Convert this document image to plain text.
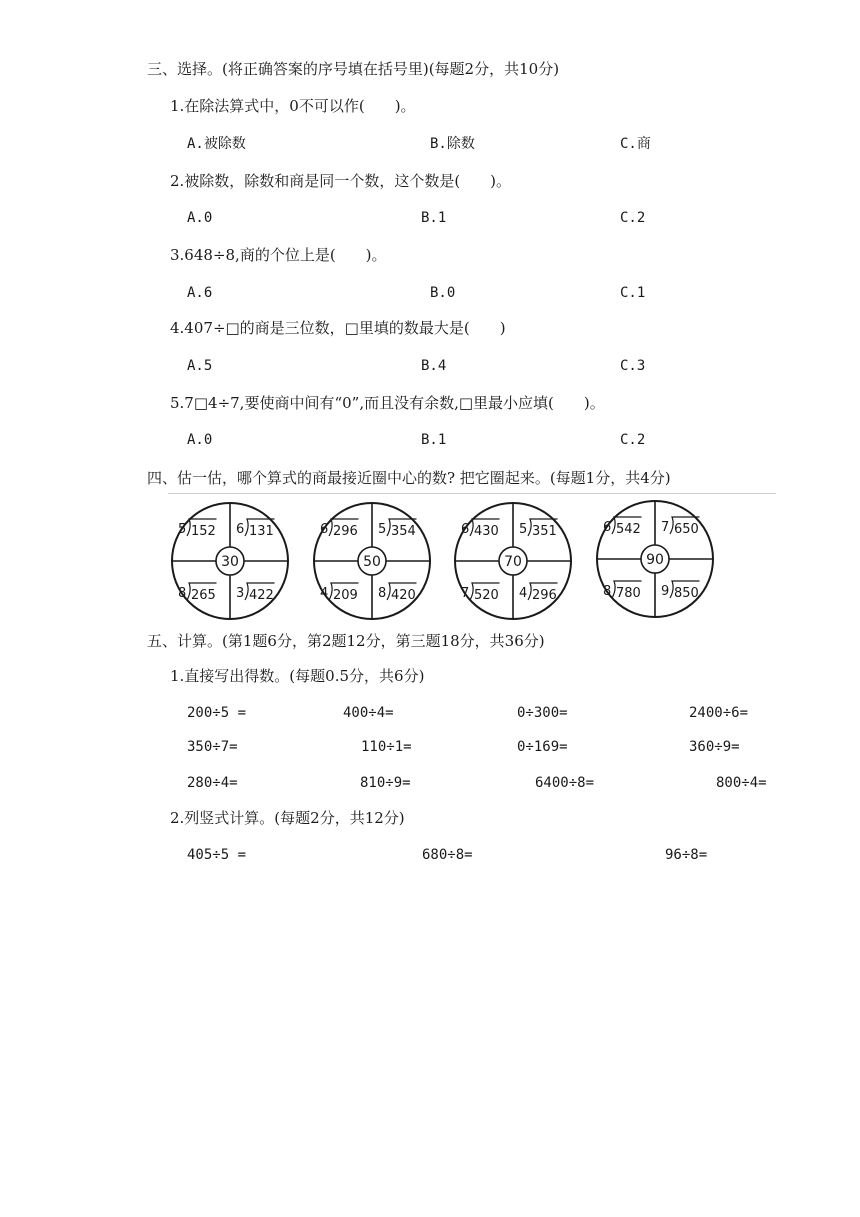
三、选择。(将正确答案的序号填在括号里)(每题2分，共10分)
1.在除法算式中，0不可以作(　　)。
A.被除数	B.除数	C.商
2.被除数，除数和商是同一个数，这个数是(　　)。
A.0	B.1	C.2
3.648÷8,商的个位上是(　　)。
A.6	B.0	C.1
4.407÷□的商是三位数，□里填的数最大是(　　)
A.5	B.4	C.3
5.7□4÷7,要使商中间有“0”,而且没有余数,□里最小应填(　　)。
A.0	B.1	C.2
四、估一估，哪个算式的商最接近圈中心的数? 把它圈起来。(每题1分，共4分)
30
5 152 6 131
8 265 3 422
50
6 296 5 354
4 209 8 420
70
6 430 5 351
7 520 4 296
90
6 542 7 650
8 780 9 850
五、计算。(第1题6分，第2题12分，第三题18分，共36分)
1.直接写出得数。(每题0.5分，共6分)
200÷5 =	400÷4=	0÷300=	2400÷6=
350÷7=	110÷1=	0÷169=	360÷9=
280÷4=	810÷9=	6400÷8=	800÷4=
2.列竖式计算。(每题2分，共12分)
405÷5 =	680÷8=	96÷8=
